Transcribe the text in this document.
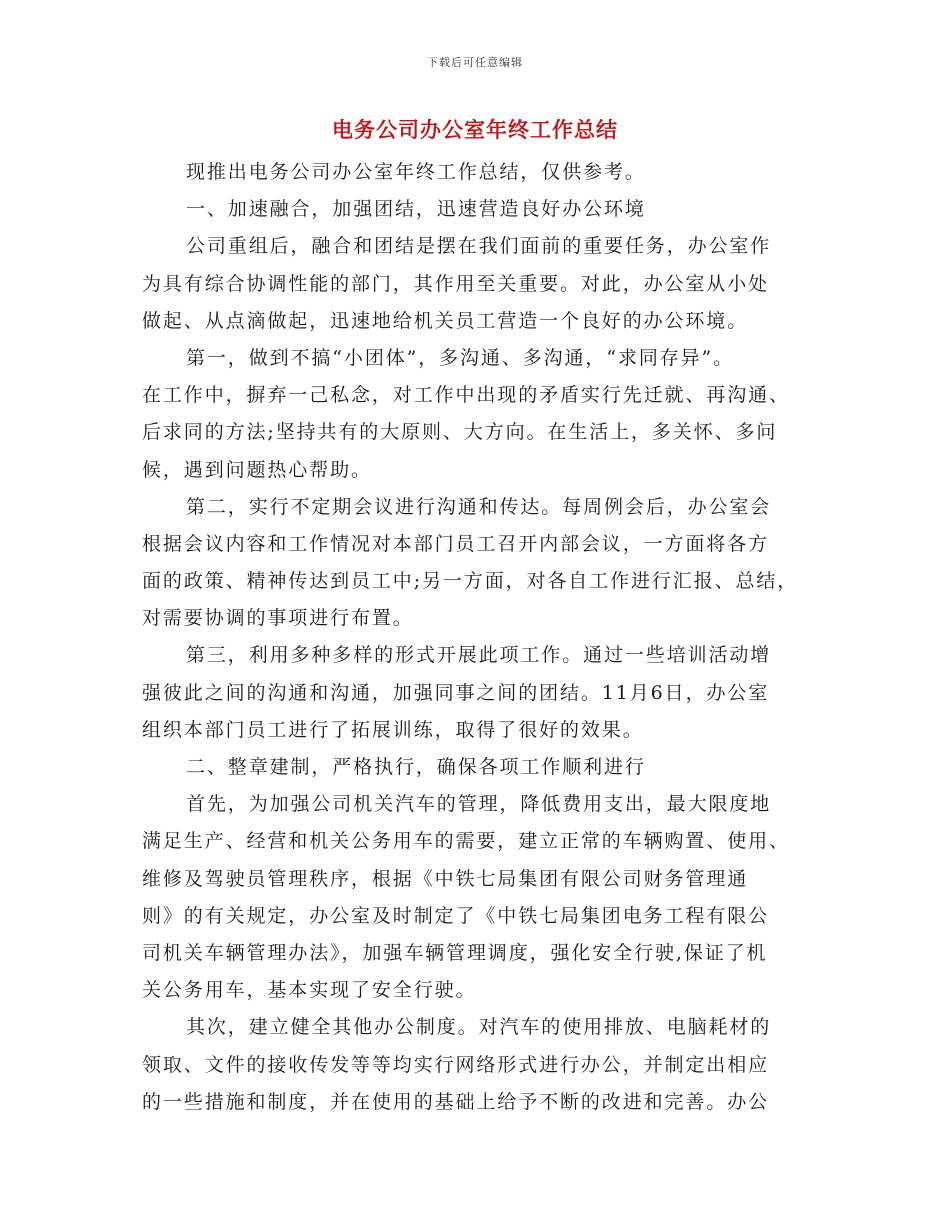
下载后可任意编辑
电务公司办公室年终工作总结
现推出电务公司办公室年终工作总结，仅供参考。
一、加速融合，加强团结，迅速营造良好办公环境
公司重组后，融合和团结是摆在我们面前的重要任务，办公室作
为具有综合协调性能的部门，其作用至关重要。对此，办公室从小处
做起、从点滴做起，迅速地给机关员工营造一个良好的办公环境。
第一，做到不搞“小团体”，多沟通、多沟通，“求同存异”。
在工作中，摒弃一己私念，对工作中出现的矛盾实行先迁就、再沟通、
后求同的方法;坚持共有的大原则、大方向。在生活上，多关怀、多问
候，遇到问题热心帮助。
第二，实行不定期会议进行沟通和传达。每周例会后，办公室会
根据会议内容和工作情况对本部门员工召开内部会议，一方面将各方
面的政策、精神传达到员工中;另一方面，对各自工作进行汇报、总结，
对需要协调的事项进行布置。
第三，利用多种多样的形式开展此项工作。通过一些培训活动增
强彼此之间的沟通和沟通，加强同事之间的团结。11月6日，办公室
组织本部门员工进行了拓展训练，取得了很好的效果。
二、整章建制，严格执行，确保各项工作顺利进行
首先，为加强公司机关汽车的管理，降低费用支出，最大限度地
满足生产、经营和机关公务用车的需要，建立正常的车辆购置、使用、
维修及驾驶员管理秩序，根据《中铁七局集团有限公司财务管理通
则》的有关规定，办公室及时制定了《中铁七局集团电务工程有限公
司机关车辆管理办法》，加强车辆管理调度，强化安全行驶,保证了机
关公务用车，基本实现了安全行驶。
其次，建立健全其他办公制度。对汽车的使用排放、电脑耗材的
领取、文件的接收传发等等均实行网络形式进行办公，并制定出相应
的一些措施和制度，并在使用的基础上给予不断的改进和完善。办公
